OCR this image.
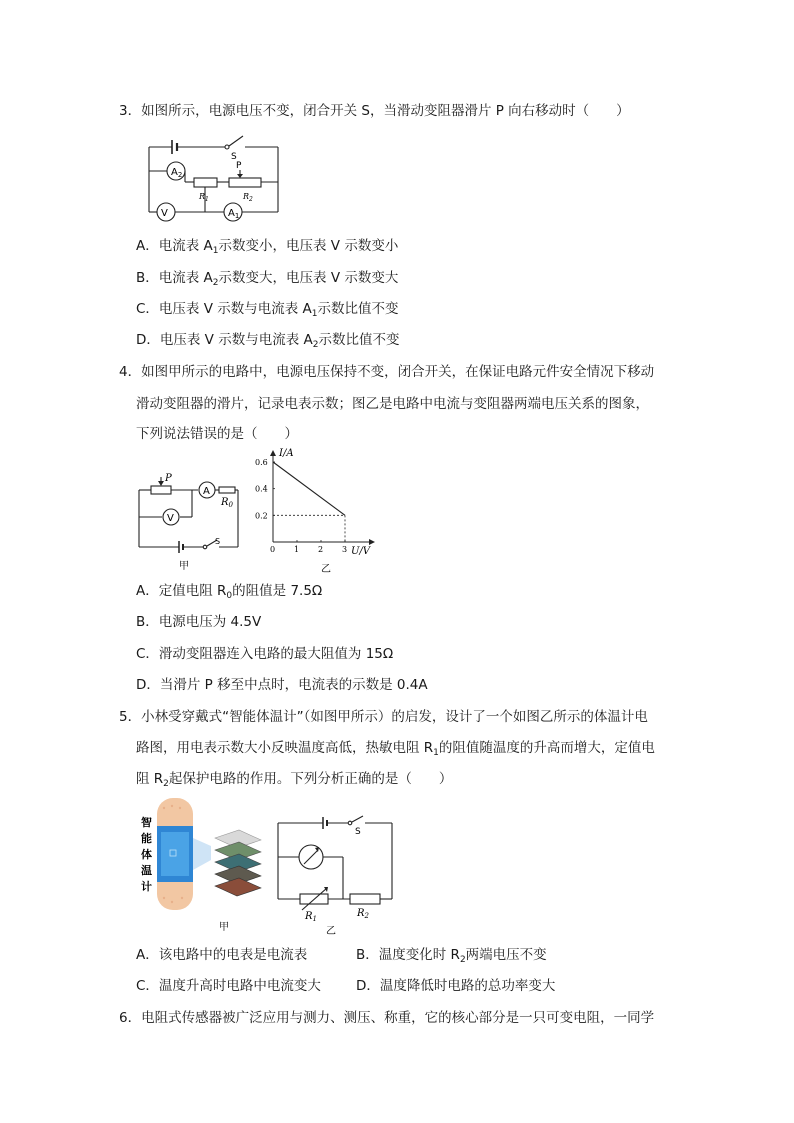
3．如图所示，电源电压不变，闭合开关 S，当滑动变阻器滑片 P 向右移动时（　　）
$A_2$
V	$A_1$
S
P
$R_1$	$R_2$
A．电流表 $A_1$示数变小，电压表 V 示数变小
B．电流表 $A_2$示数变大，电压表 V 示数变大
C．电压表 V 示数与电流表 $A_1$示数比值不变
D．电压表 V 示数与电流表 $A_2$示数比值不变
4．如图甲所示的电路中，电源电压保持不变，闭合开关，在保证电路元件安全情况下移动
滑动变阻器的滑片，记录电表示数；图乙是电路中电流与变阻器两端电压关系的图象，
下列说法错误的是（　　）
P
A
$R_0$
V
S
甲
0 1 2 3
0.2
0.4
0.6
I/A
U/V
乙
A．定值电阻 $R_0$的阻值是 7.5Ω
B．电源电压为 4.5V
C．滑动变阻器连入电路的最大阻值为 15Ω
D．当滑片 P 移至中点时，电流表的示数是 0.4A
5．小林受穿戴式“智能体温计”（如图甲所示）的启发，设计了一个如图乙所示的体温计电
路图，用电表示数大小反映温度高低，热敏电阻 $R_1$的阻值随温度的升高而增大，定值电
阻 $R_2$起保护电路的作用。下列分析正确的是（　　）
智
能
体
温
计
甲
S
$R_1$	$R_2$
乙
A．该电路中的电表是电流表	B．温度变化时 $R_2$两端电压不变
C．温度升高时电路中电流变大	D．温度降低时电路的总功率变大
6．电阻式传感器被广泛应用与测力、测压、称重，它的核心部分是一只可变电阻，一同学
